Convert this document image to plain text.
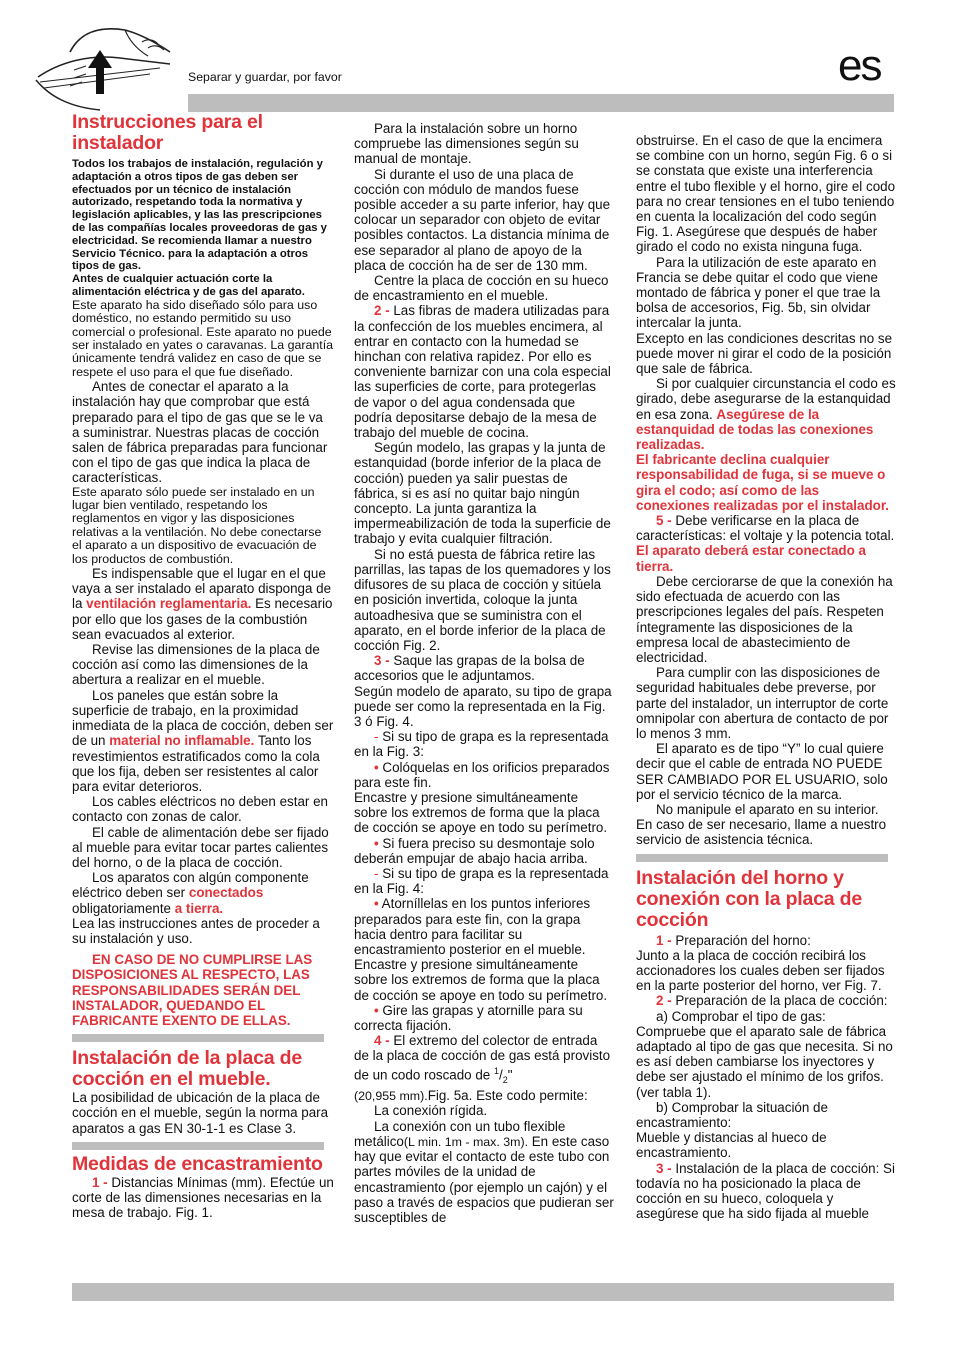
Separar y guardar, por favor	es
Instrucciones para el instalador

Todos los trabajos de instalación, regulación y adaptación a otros tipos de gas deben ser efectuados por un técnico de instalación autorizado, respetando toda la normativa y legislación aplicables, y las las prescripciones de las compañías locales proveedoras de gas y electricidad. Se recomienda llamar a nuestro Servicio Técnico. para la adaptación a otros tipos de gas.

Antes de cualquier actuación corte la alimentación eléctrica y de gas del aparato.

Este aparato ha sido diseñado sólo para uso doméstico, no estando permitido su uso comercial o profesional. Este aparato no puede ser instalado en yates o caravanas. La garantía únicamente tendrá validez en caso de que se respete el uso para el que fue diseñado.

Antes de conectar el aparato a la instalación hay que comprobar que está preparado para el tipo de gas que se le va a suministrar. Nuestras placas de cocción salen de fábrica preparadas para funcionar con el tipo de gas que indica la placa de características.

Este aparato sólo puede ser instalado en un lugar bien ventilado, respetando los reglamentos en vigor y las disposiciones relativas a la ventilación. No debe conectarse el aparato a un dispositivo de evacuación de los productos de combustión.

Es indispensable que el lugar en el que vaya a ser instalado el aparato disponga de la ventilación reglamentaria. Es necesario por ello que los gases de la combustión sean evacuados al exterior.

Revise las dimensiones de la placa de cocción así como las dimensiones de la abertura a realizar en el mueble.

Los paneles que están sobre la superficie de trabajo, en la proximidad inmediata de la placa de cocción, deben ser de un material no inflamable. Tanto los revestimientos estratificados como la cola que los fija, deben ser resistentes al calor para evitar deterioros.

Los cables eléctricos no deben estar en contacto con zonas de calor.

El cable de alimentación debe ser fijado al mueble para evitar tocar partes calientes del horno, o de la placa de cocción.

Los aparatos con algún componente eléctrico deben ser conectados obligatoriamente a tierra.

Lea las instrucciones antes de proceder a su instalación y uso.

EN CASO DE NO CUMPLIRSE LAS DISPOSICIONES AL RESPECTO, LAS RESPONSABILIDADES SERÁN DEL INSTALADOR, QUEDANDO EL FABRICANTE EXENTO DE ELLAS.

Instalación de la placa de cocción en el mueble.

La posibilidad de ubicación de la placa de cocción en el mueble, según la norma para aparatos a gas EN 30-1-1 es Clase 3.

Medidas de encastramiento

1 - Distancias Mínimas (mm). Efectúe un corte de las dimensiones necesarias en la mesa de trabajo. Fig. 1.

Para la instalación sobre un horno compruebe las dimensiones según su manual de montaje.

Si durante el uso de una placa de cocción con módulo de mandos fuese posible acceder a su parte inferior, hay que colocar un separador con objeto de evitar posibles contactos. La distancia mínima de ese separador al plano de apoyo de la placa de cocción ha de ser de 130 mm.

Centre la placa de cocción en su hueco de encastramiento en el mueble.

2 - Las fibras de madera utilizadas para la confección de los muebles encimera, al entrar en contacto con la humedad se hinchan con relativa rapidez. Por ello es conveniente barnizar con una cola especial las superficies de corte, para protegerlas de vapor o del agua condensada que podría depositarse debajo de la mesa de trabajo del mueble de cocina.

Según modelo, las grapas y la junta de estanquidad (borde inferior de la placa de cocción) pueden ya salir puestas de fábrica, si es así no quitar bajo ningún concepto. La junta garantiza la impermeabilización de toda la superficie de trabajo y evita cualquier filtración.

Si no está puesta de fábrica retire las parrillas, las tapas de los quemadores y los difusores de su placa de cocción y sitúela en posición invertida, coloque la junta autoadhesiva que se suministra con el aparato, en el borde inferior de la placa de cocción Fig. 2.

3 - Saque las grapas de la bolsa de accesorios que le adjuntamos.

Según modelo de aparato, su tipo de grapa puede ser como la representada en la Fig. 3 ó Fig. 4.

- Si su tipo de grapa es la representada en la Fig. 3:

• Colóquelas en los orificios preparados para este fin.

Encastre y presione simultáneamente sobre los extremos de forma que la placa de cocción se apoye en todo su perímetro.

• Si fuera preciso su desmontaje solo deberán empujar de abajo hacia arriba.

- Si su tipo de grapa es la representada en la Fig. 4:

• Atorníllelas en los puntos inferiores preparados para este fin, con la grapa hacia dentro para facilitar su encastramiento posterior en el mueble.

Encastre y presione simultáneamente sobre los extremos de forma que la placa de cocción se apoye en todo su perímetro.

• Gire las grapas y atornille para su correcta fijación.

4 - El extremo del colector de entrada de la placa de cocción de gas está provisto de un codo roscado de $^1/_2$"
(20,955 mm).Fig. 5a. Este codo permite:

La conexión rígida.

La conexión con un tubo flexible metálico(L min. 1m - max. 3m). En este caso hay que evitar el contacto de este tubo con partes móviles de la unidad de encastramiento (por ejemplo un cajón) y el paso a través de espacios que pudieran ser susceptibles de

obstruirse. En el caso de que la encimera se combine con un horno, según Fig. 6 o si se constata que existe una interferencia entre el tubo flexible y el horno, gire el codo para no crear tensiones en el tubo teniendo en cuenta la localización del codo según

Fig. 1. Asegúrese que después de haber girado el codo no exista ninguna fuga.

Para la utilización de este aparato en Francia se debe quitar el codo que viene montado de fábrica y poner el que trae la bolsa de accesorios, Fig. 5b, sin olvidar intercalar la junta.

Excepto en las condiciones descritas no se puede mover ni girar el codo de la posición que sale de fábrica.

Si por cualquier circunstancia el codo es girado, debe asegurarse de la estanquidad en esa zona. Asegúrese de la estanquidad de todas las conexiones realizadas.

El fabricante declina cualquier responsabilidad de fuga, si se mueve o gira el codo; así como de las conexiones realizadas por el instalador.

5 - Debe verificarse en la placa de características: el voltaje y la potencia total. El aparato deberá estar conectado a tierra.

Debe cerciorarse de que la conexión ha sido efectuada de acuerdo con las prescripciones legales del país. Respeten íntegramente las disposiciones de la empresa local de abastecimiento de electricidad.

Para cumplir con las disposiciones de seguridad habituales debe preverse, por parte del instalador, un interruptor de corte omnipolar con abertura de contacto de por lo menos 3 mm.

El aparato es de tipo “Y” lo cual quiere decir que el cable de entrada NO PUEDE SER CAMBIADO POR EL USUARIO, solo por el servicio técnico de la marca.

No manipule el aparato en su interior. En caso de ser necesario, llame a nuestro servicio de asistencia técnica.

Instalación del horno y conexión con la placa de cocción

1 - Preparación del horno:

Junto a la placa de cocción recibirá los accionadores los cuales deben ser fijados en la parte posterior del horno, ver Fig. 7.

2 - Preparación de la placa de cocción:

a) Comprobar el tipo de gas:

Compruebe que el aparato sale de fábrica adaptado al tipo de gas que necesita. Si no es así deben cambiarse los inyectores y debe ser ajustado el mínimo de los grifos. (ver tabla 1).

b) Comprobar la situación de encastramiento:

Mueble y distancias al hueco de encastramiento.

3 - Instalación de la placa de cocción: Si todavía no ha posicionado la placa de cocción en su hueco, coloquela y asegúrese que ha sido fijada al mueble
